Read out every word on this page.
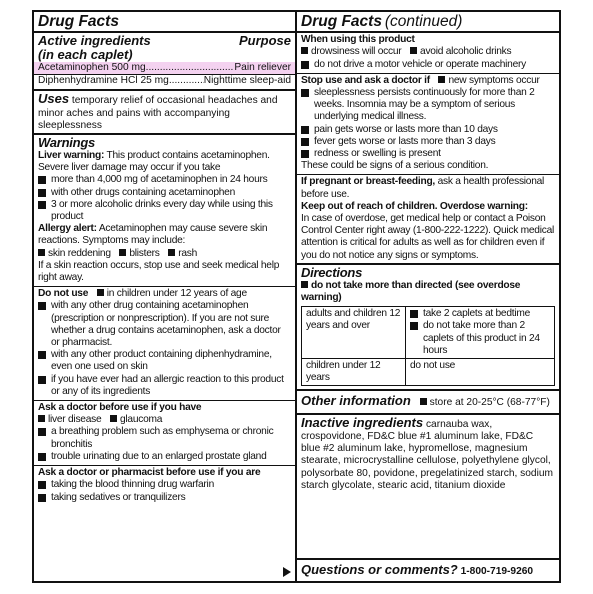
Drug Facts
Active ingredients	Purpose
(in each caplet)
Acetaminophen 500 mg .....	Pain reliever
Diphenhydramine HCl 25 mg .....	Nighttime sleep-aid
Uses temporary relief of occasional headaches and minor aches and pains with accompanying sleeplessness
Warnings
Liver warning: This product contains acetaminophen. Severe liver damage may occur if you take
more than 4,000 mg of acetaminophen in 24 hours
with other drugs containing acetaminophen
3 or more alcoholic drinks every day while using this product
Allergy alert: Acetaminophen may cause severe skin reactions. Symptoms may include:
skin reddening blisters rash
If a skin reaction occurs, stop use and seek medical help right away.
Do not use in children under 12 years of age
with any other drug containing acetaminophen (prescription or nonprescription). If you are not sure whether a drug contains acetaminophen, ask a doctor or pharmacist.
with any other product containing diphenhydramine, even one used on skin
if you have ever had an allergic reaction to this product or any of its ingredients
Ask a doctor before use if you have
liver disease glaucoma
a breathing problem such as emphysema or chronic bronchitis
trouble urinating due to an enlarged prostate gland
Ask a doctor or pharmacist before use if you are
taking the blood thinning drug warfarin
taking sedatives or tranquilizers
Drug Facts (continued)
When using this product
drowsiness will occur avoid alcoholic drinks
do not drive a motor vehicle or operate machinery
Stop use and ask a doctor if new symptoms occur
sleeplessness persists continuously for more than 2 weeks. Insomnia may be a symptom of serious underlying medical illness.
pain gets worse or lasts more than 10 days
fever gets worse or lasts more than 3 days
redness or swelling is present
These could be signs of a serious condition.
If pregnant or breast-feeding, ask a health professional before use.
Keep out of reach of children. Overdose warning:
In case of overdose, get medical help or contact a Poison Control Center right away (1-800-222-1222). Quick medical attention is critical for adults as well as for children even if you do not notice any signs or symptoms.
Directions
do not take more than directed (see overdose warning)
adults and children 12 years and over	take 2 caplets at bedtime
do not take more than 2 caplets of this product in 24 hours

children under 12 years	do not use
Other information store at 20-25°C (68-77°F)
Inactive ingredients carnauba wax, crospovidone, FD&C blue #1 aluminum lake, FD&C blue #2 aluminum lake, hypromellose, magnesium stearate, microcrystalline cellulose, polyethylene glycol, polysorbate 80, povidone, pregelatinized starch, sodium starch glycolate, stearic acid, titanium dioxide
Questions or comments? 1-800-719-9260
